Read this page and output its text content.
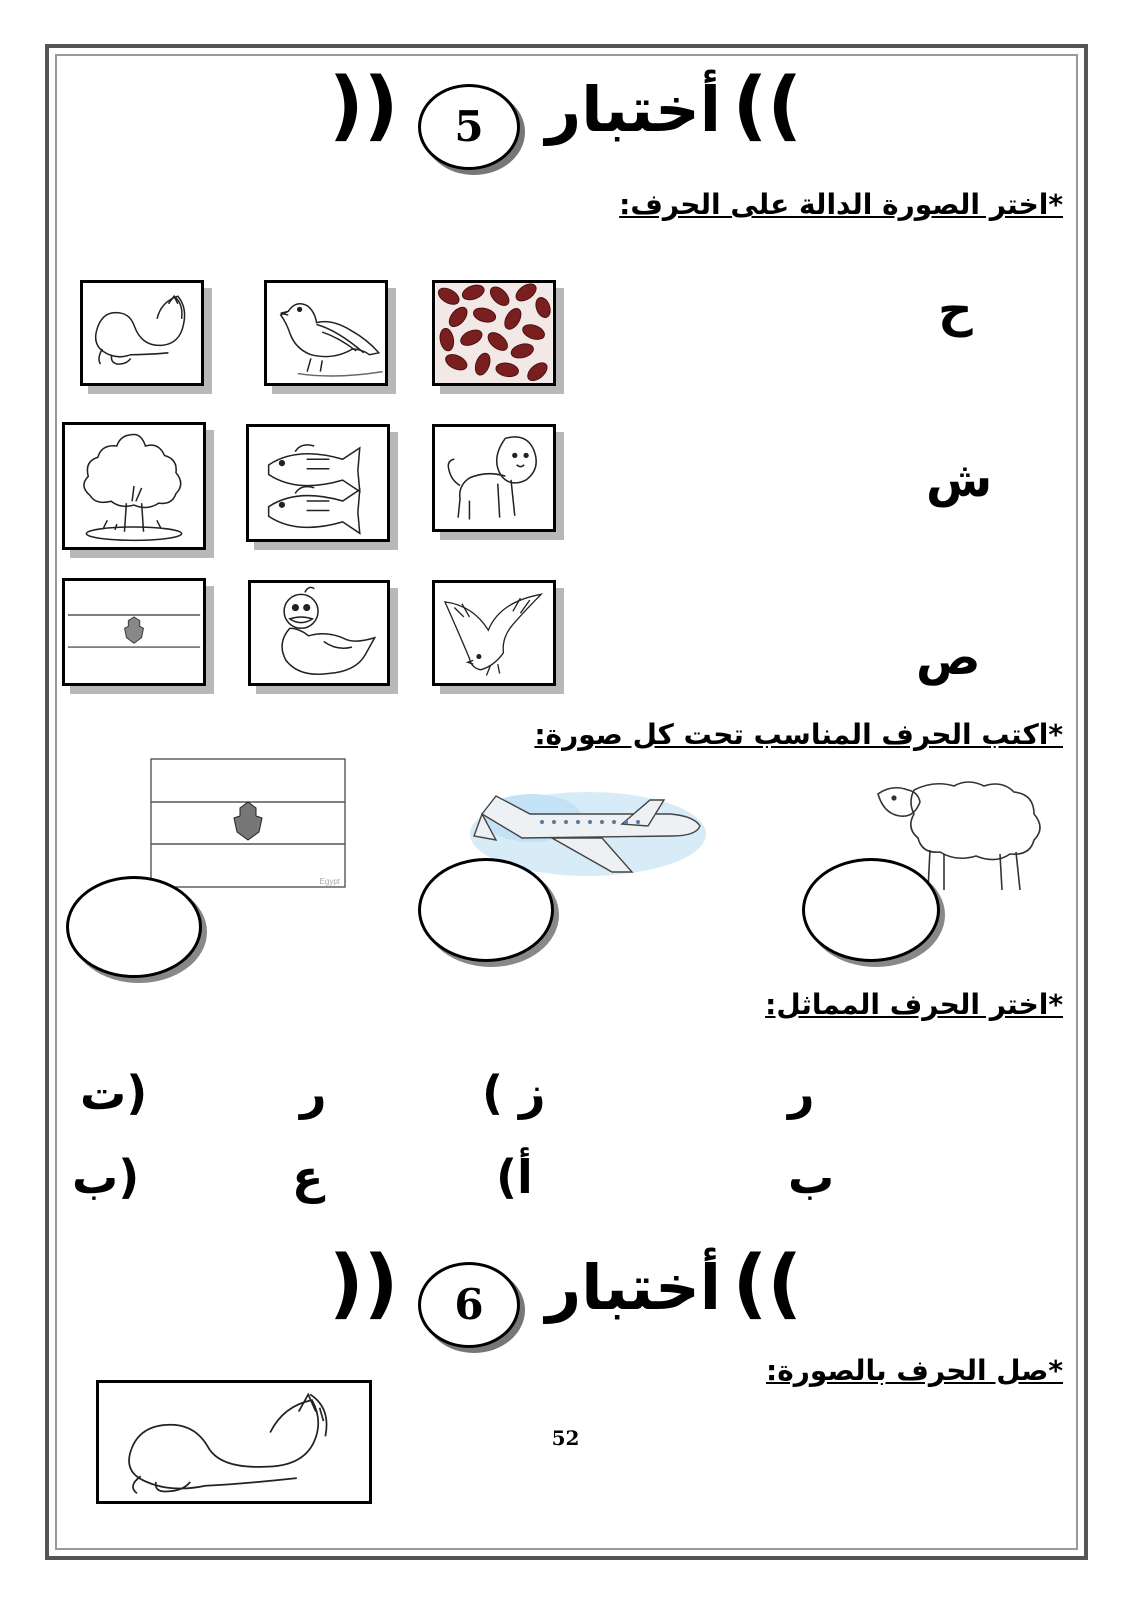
)) 5 أختبار ((
*اختر الصورة الدالة على الحرف:
ح
ش
ص
*اكتب الحرف المناسب تحت كل صورة:
Egypt
*اختر الحرف المماثل:
ر
( ز
ر
ت)
ب
(أ
ع
ب)
)) 6 أختبار ((
*صل الحرف بالصورة:
52
